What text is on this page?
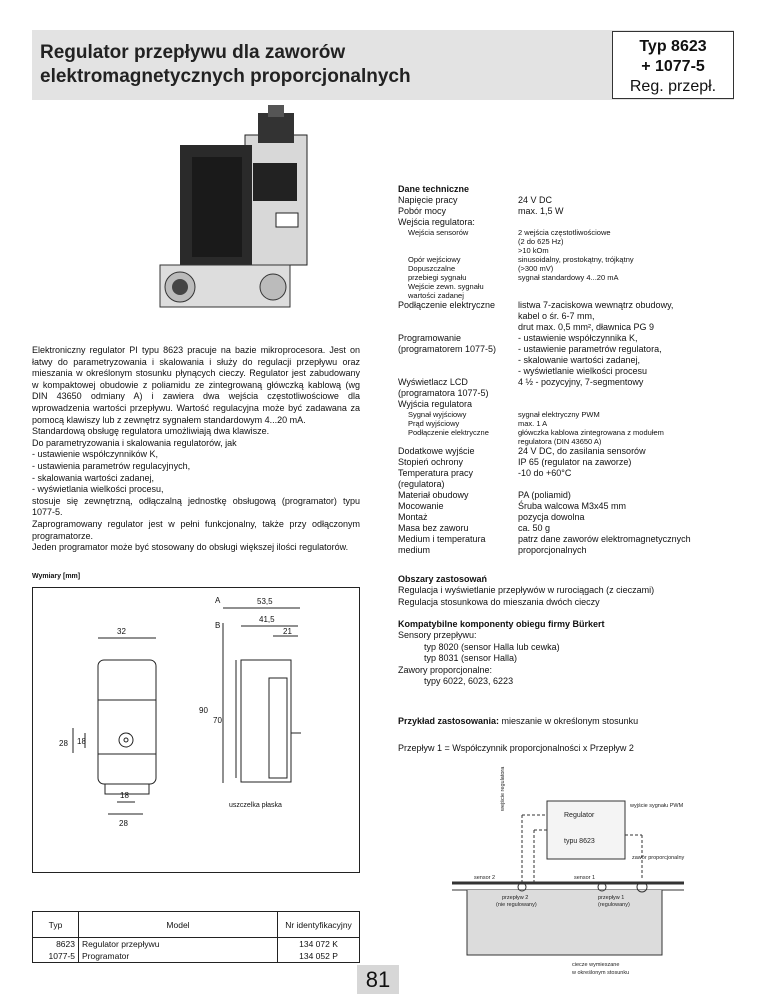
Regulator przepływu dla zaworów
elektromagnetycznych proporcjonalnych
Typ 8623
+ 1077-5
Reg. przepł.
Elektroniczny regulator PI typu 8623 pracuje na bazie mikroprocesora. Jest on łatwy do parametryzowania i skalowania i służy do regulacji przepływu oraz mieszania w określonym stosunku płynących cieczy. Regulator jest zabudowany w kompaktowej obudowie z poliamidu ze zintegrowaną główczką kablową (wg DIN 43650 odmiany A) i zawiera dwa wejścia częstotliwościowe dla wprowadzenia wartości przepływu. Wartość regulacyjna może być zadawana za pomocą klawiszy lub z zewnętrz sygnałem standardowym 4...20 mA.
Standardową obsługę regulatora umożliwiają dwa klawisze.
Do parametryzowania i skalowania regulatorów, jak
- ustawienie współczynników K,
- ustawienia parametrów regulacyjnych,
- skalowania wartości zadanej,
- wyświetlania wielkości procesu,
stosuje się zewnętrzną, odłączalną jednostkę obsługową (programator) typu 1077-5.
Zaprogramowany regulator jest w pełni funkcjonalny, także przy odłączonym programatorze.
Jeden programator może być stosowany do obsługi większej ilości regulatorów.
Dane techniczne
Napięcie pracy	24 V DC
Pobór mocy	max. 1,5 W
Wejścia regulatora:
Wejścia sensorów	2 wejścia częstotliwościowe
(2 do 625 Hz)
>10 kOm
Opór wejściowy	sinusoidalny, prostokątny, trójkątny
Dopuszczalne	(>300 mV)
przebiegi sygnału	sygnał standardowy 4...20 mA
Wejście zewn. sygnału
wartości zadanej
Podłączenie elektryczne	listwa 7-zaciskowa wewnątrz obudowy,
kabel o śr. 6-7 mm,
drut max. 0,5 mm², dławnica PG 9
Programowanie	- ustawienie współczynnika K,
(programatorem 1077-5)	- ustawienie parametrów regulatora,
- skalowanie wartości zadanej,
- wyświetlanie wielkości procesu
Wyświetlacz LCD	4 ½ - pozycyjny, 7-segmentowy
(programatora 1077-5)
Wyjścia regulatora
Sygnał wyjściowy	sygnał elektryczny PWM
Prąd wyjściowy	max. 1 A
Podłączenie elektryczne	główczka kablowa zintegrowana z modułem
regulatora (DIN 43650 A)
Dodatkowe wyjście	24 V DC, do zasilania sensorów
Stopień ochrony	IP 65 (regulator na zaworze)
Temperatura pracy	-10 do +60°C
(regulatora)
Materiał obudowy	PA (poliamid)
Mocowanie	Śruba walcowa M3x45 mm
Montaż	pozycja dowolna
Masa bez zaworu	ca. 50 g
Medium i temperatura	patrz dane zaworów elektromagnetycznych
medium	proporcjonalnych
Obszary zastosowań
Regulacja i wyświetlanie przepływów w rurociągach (z cieczami)
Regulacja stosunkowa do mieszania dwóch cieczy
Kompatybilne komponenty obiegu firmy Bürkert
Sensory przepływu:
typ 8020 (sensor Halla lub cewka)
typ 8031 (sensor Halla)
Zawory proporcjonalne:
typy 6022, 6023, 6223
Przykład zastosowania: mieszanie w określonym stosunku
Przepływ 1 = Współczynnik proporcjonalności x Przepływ 2
Wymiary [mm]
A
B
53,5
41,5
21
32
90
70
28 18
18
28
uszczelka płaska
Regulator
typu 8623
wyjście sygnału PWM
zawór proporcjonalny
sensor 2	sensor 1
przepływ 2
(nie regulowany)
przepływ 1
(regulowany)
ciecze wymieszane
w określonym stosunku
wejście regulatora
Typ	Model	Nr identyfikacyjny
8623	Regulator przepływu	134 072 K
1077-5	Programator	134 052 P
81
